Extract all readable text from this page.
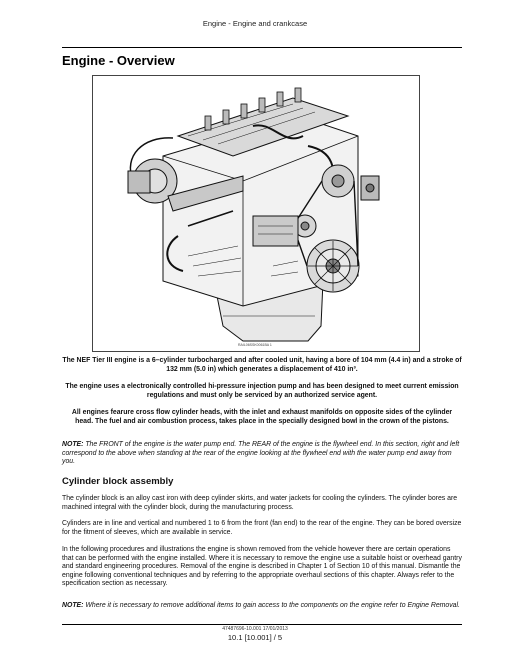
Engine - Engine and crankcase
Engine - Overview
RAIL06SSK0061BA 1
The NEF Tier III engine is a 6–cylinder turbocharged and after cooled unit, having a bore of 104 mm (4.4 in) and a stroke of 132 mm (5.0 in) which generates a displacement of 410 in³.
The engine uses a electronically controlled hi-pressure injection pump and has been designed to meet current emission regulations and must only be serviced by an authorized service agent.
All engines fearure cross flow cylinder heads, with the inlet and exhaust manifolds on opposite sides of the cylinder head. The fuel and air combustion process, takes place in the specially designed bowl in the crown of the pistons.
NOTE: The FRONT of the engine is the water pump end. The REAR of the engine is the flywheel end. In this section, right and left correspond to the above when standing at the rear of the engine looking at the flywheel end with the water pump end away from you.
Cylinder block assembly
The cylinder block is an alloy cast iron with deep cylinder skirts, and water jackets for cooling the cylinders. The cylinder bores are machined integral with the cylinder block, during the manufacturing process.
Cylinders are in line and vertical and numbered 1 to 6 from the front (fan end) to the rear of the engine. They can be bored oversize for the fitment of sleeves, which are available in service.
In the following procedures and illustrations the engine is shown removed from the vehicle however there are certain operations that can be performed with the engine installed. Where it is necessary to remove the engine use a suitable hoist or overhead gantry and standard engineering procedures. Removal of the engine is described in Chapter 1 of Section 10 of this manual. Dismantle the engine following conventional techniques and by referring to the appropriate overhaul sections of this chapter. Always refer to the specification section as necessary.
NOTE: Where it is necessary to remove additional items to gain access to the components on the engine refer to Engine Removal.
47487696-10.001 17/01/2013
10.1 [10.001] / 5
